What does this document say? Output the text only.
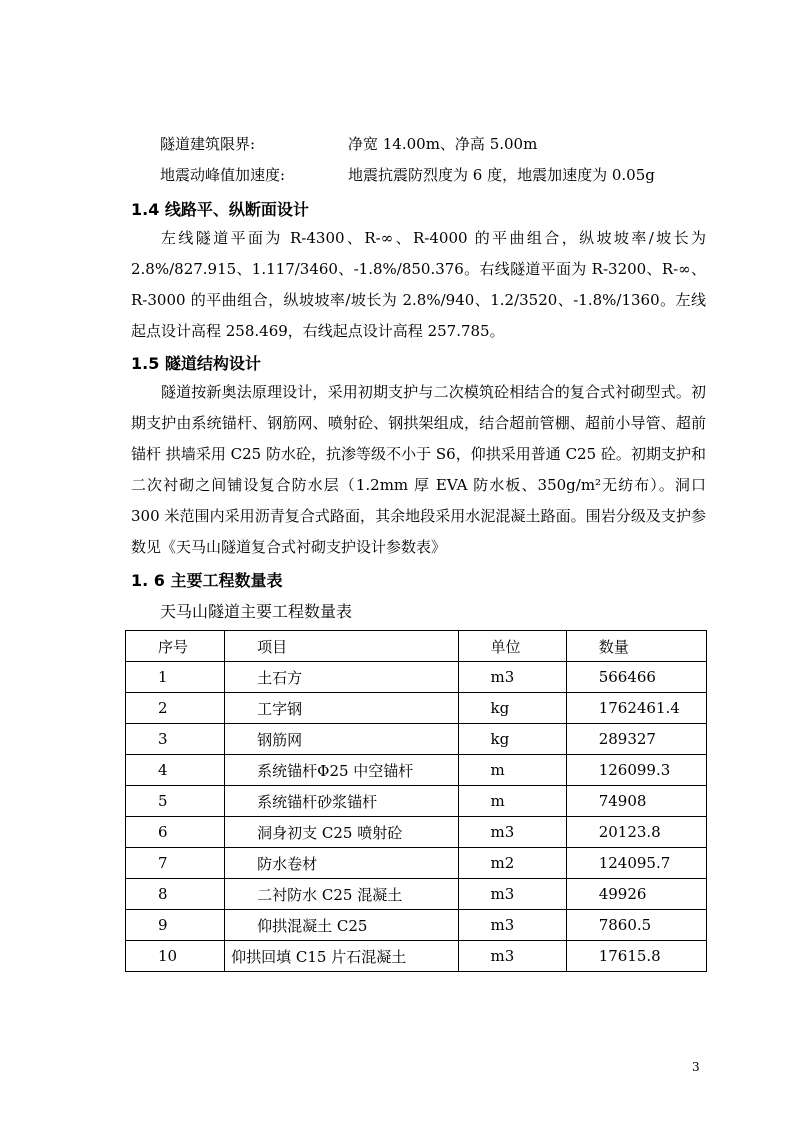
隧道建筑限界:	净宽 14.00m、净高 5.00m
地震动峰值加速度:	地震抗震防烈度为 6 度，地震加速度为 0.05g
1.4 线路平、纵断面设计

左线隧道平面为 R-4300、R-∞、R-4000 的平曲组合，纵坡坡率/坡长为 2.8%/827.915、1.117/3460、-1.8%/850.376。右线隧道平面为 R-3200、R-∞、R-3000 的平曲组合，纵坡坡率/坡长为 2.8%/940、1.2/3520、-1.8%/1360。左线起点设计高程 258.469，右线起点设计高程 257.785。

1.5 隧道结构设计

隧道按新奥法原理设计，采用初期支护与二次模筑砼相结合的复合式衬砌型式。初期支护由系统锚杆、钢筋网、喷射砼、钢拱架组成，结合超前管棚、超前小导管、超前锚杆 拱墙采用 C25 防水砼，抗渗等级不小于 S6，仰拱采用普通 C25 砼。初期支护和二次衬砌之间铺设复合防水层（1.2mm 厚 EVA 防水板、350g/m²无纺布）。洞口 300 米范围内采用沥青复合式路面，其余地段采用水泥混凝土路面。围岩分级及支护参数见《天马山隧道复合式衬砌支护设计参数表》

1. 6 主要工程数量表
天马山隧道主要工程数量表
序号	项目	单位	数量
1	土石方	m3	566466
2	工字钢	kg	1762461.4
3	钢筋网	kg	289327
4	系统锚杆Φ25 中空锚杆	m	126099.3
5	系统锚杆砂浆锚杆	m	74908
6	洞身初支 C25 喷射砼	m3	20123.8
7	防水卷材	m2	124095.7
8	二衬防水 C25 混凝土	m3	49926
9	仰拱混凝土 C25	m3	7860.5
10	仰拱回填 C15 片石混凝土	m3	17615.8
3
